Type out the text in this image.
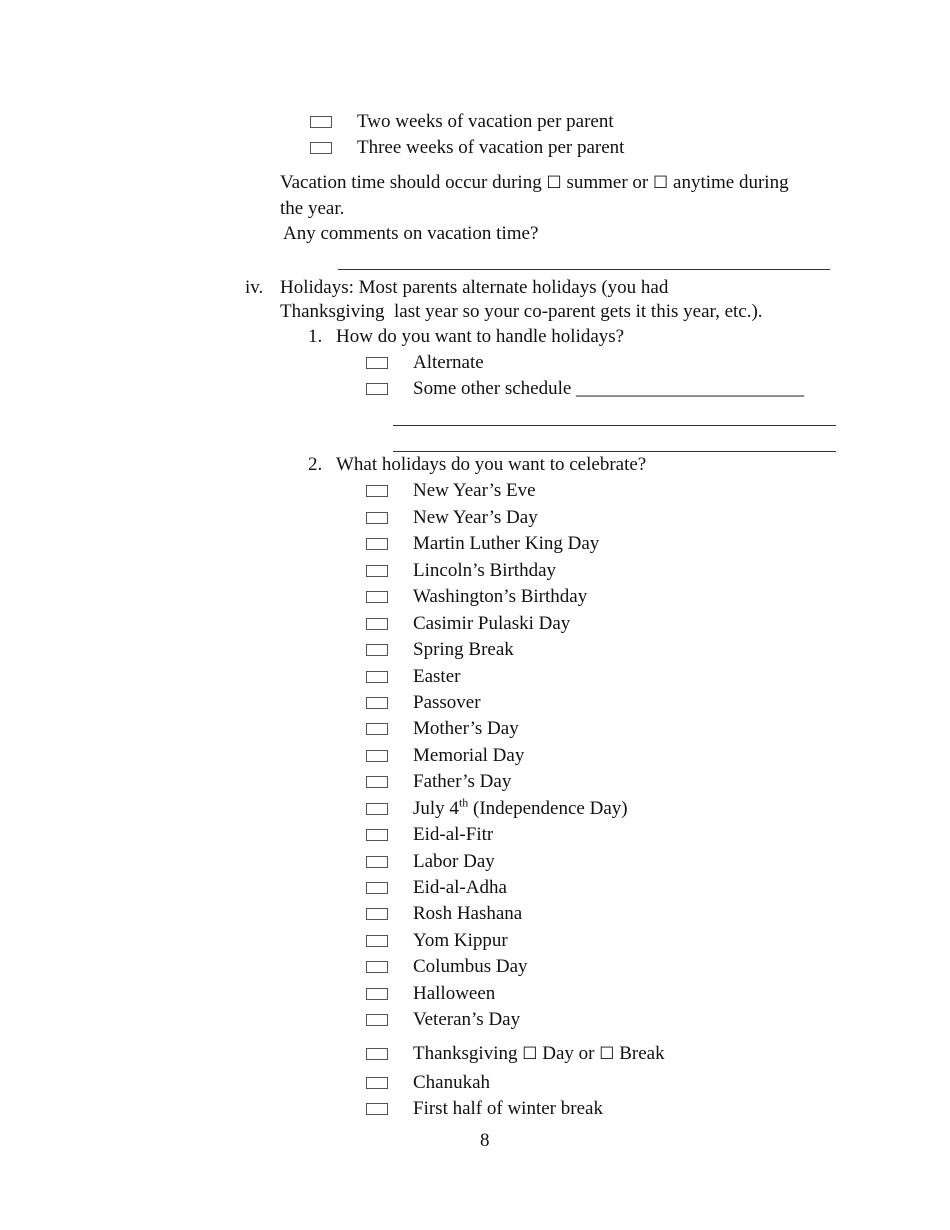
Two weeks of vacation per parent
Three weeks of vacation per parent
Vacation time should occur during ☐ summer or ☐ anytime during
the year.
Any comments on vacation time?
iv. Holidays: Most parents alternate holidays (you had
Thanksgiving  last year so your co-parent gets it this year, etc.).
1. How do you want to handle holidays?
Alternate
Some other schedule ________________________
2. What holidays do you want to celebrate?
New Year’s Eve
New Year’s Day
Martin Luther King Day
Lincoln’s Birthday
Washington’s Birthday
Casimir Pulaski Day
Spring Break
Easter
Passover
Mother’s Day
Memorial Day
Father’s Day
July 4th (Independence Day)
Eid-al-Fitr
Labor Day
Eid-al-Adha
Rosh Hashana
Yom Kippur
Columbus Day
Halloween
Veteran’s Day
Thanksgiving ☐ Day or ☐ Break
Chanukah
First half of winter break
8
